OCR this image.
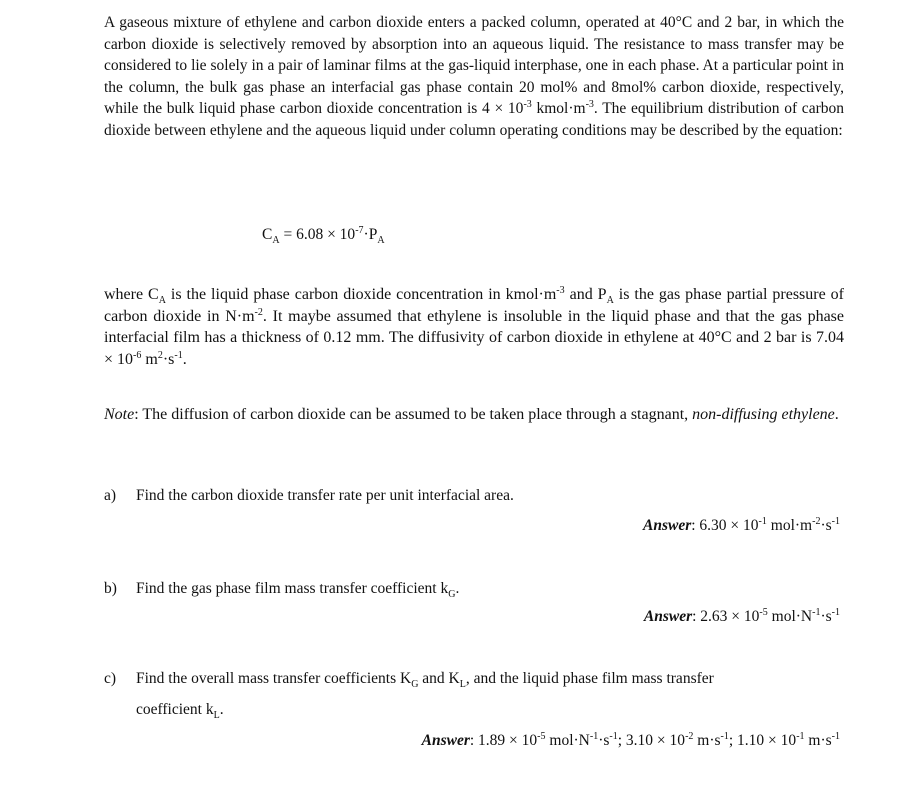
A gaseous mixture of ethylene and carbon dioxide enters a packed column, operated at 40°C and 2 bar, in which the carbon dioxide is selectively removed by absorption into an aqueous liquid. The resistance to mass transfer may be considered to lie solely in a pair of laminar films at the gas-liquid interphase, one in each phase. At a particular point in the column, the bulk gas phase an interfacial gas phase contain 20 mol% and 8mol% carbon dioxide, respectively, while the bulk liquid phase carbon dioxide concentration is $4 \times 10^{-3}$ $kmol\cdot m^{-3}$. The equilibrium distribution of carbon dioxide between ethylene and the aqueous liquid under column operating conditions may be described by the equation:

$C_A = 6.08 \times 10^{-7}\cdot P_A$

where $C_A$ is the liquid phase carbon dioxide concentration in $kmol\cdot m^{-3}$ and $P_A$ is the gas phase partial pressure of carbon dioxide in $N\cdot m^{-2}$. It maybe assumed that ethylene is insoluble in the liquid phase and that the gas phase interfacial film has a thickness of 0.12 mm. The diffusivity of carbon dioxide in ethylene at 40°C and 2 bar is $7.04 \times 10^{-6}$ $m^2\cdot s^{-1}$.

Note: The diffusion of carbon dioxide can be assumed to be taken place through a stagnant, non-diffusing ethylene.

a) Find the carbon dioxide transfer rate per unit interfacial area.
Answer: $6.30 \times 10^{-1}$ $mol\cdot m^{-2}\cdot s^{-1}$
b) Find the gas phase film mass transfer coefficient $k_G$.
Answer: $2.63 \times 10^{-5}$ $mol\cdot N^{-1}\cdot s^{-1}$
c) Find the overall mass transfer coefficients $K_G$ and $K_L$, and the liquid phase film mass transfer
coefficient $k_L$.
Answer: $1.89 \times 10^{-5}$ $mol\cdot N^{-1}\cdot s^{-1}$; $3.10 \times 10^{-2}$ $m\cdot s^{-1}$; $1.10 \times 10^{-1}$ $m\cdot s^{-1}$
